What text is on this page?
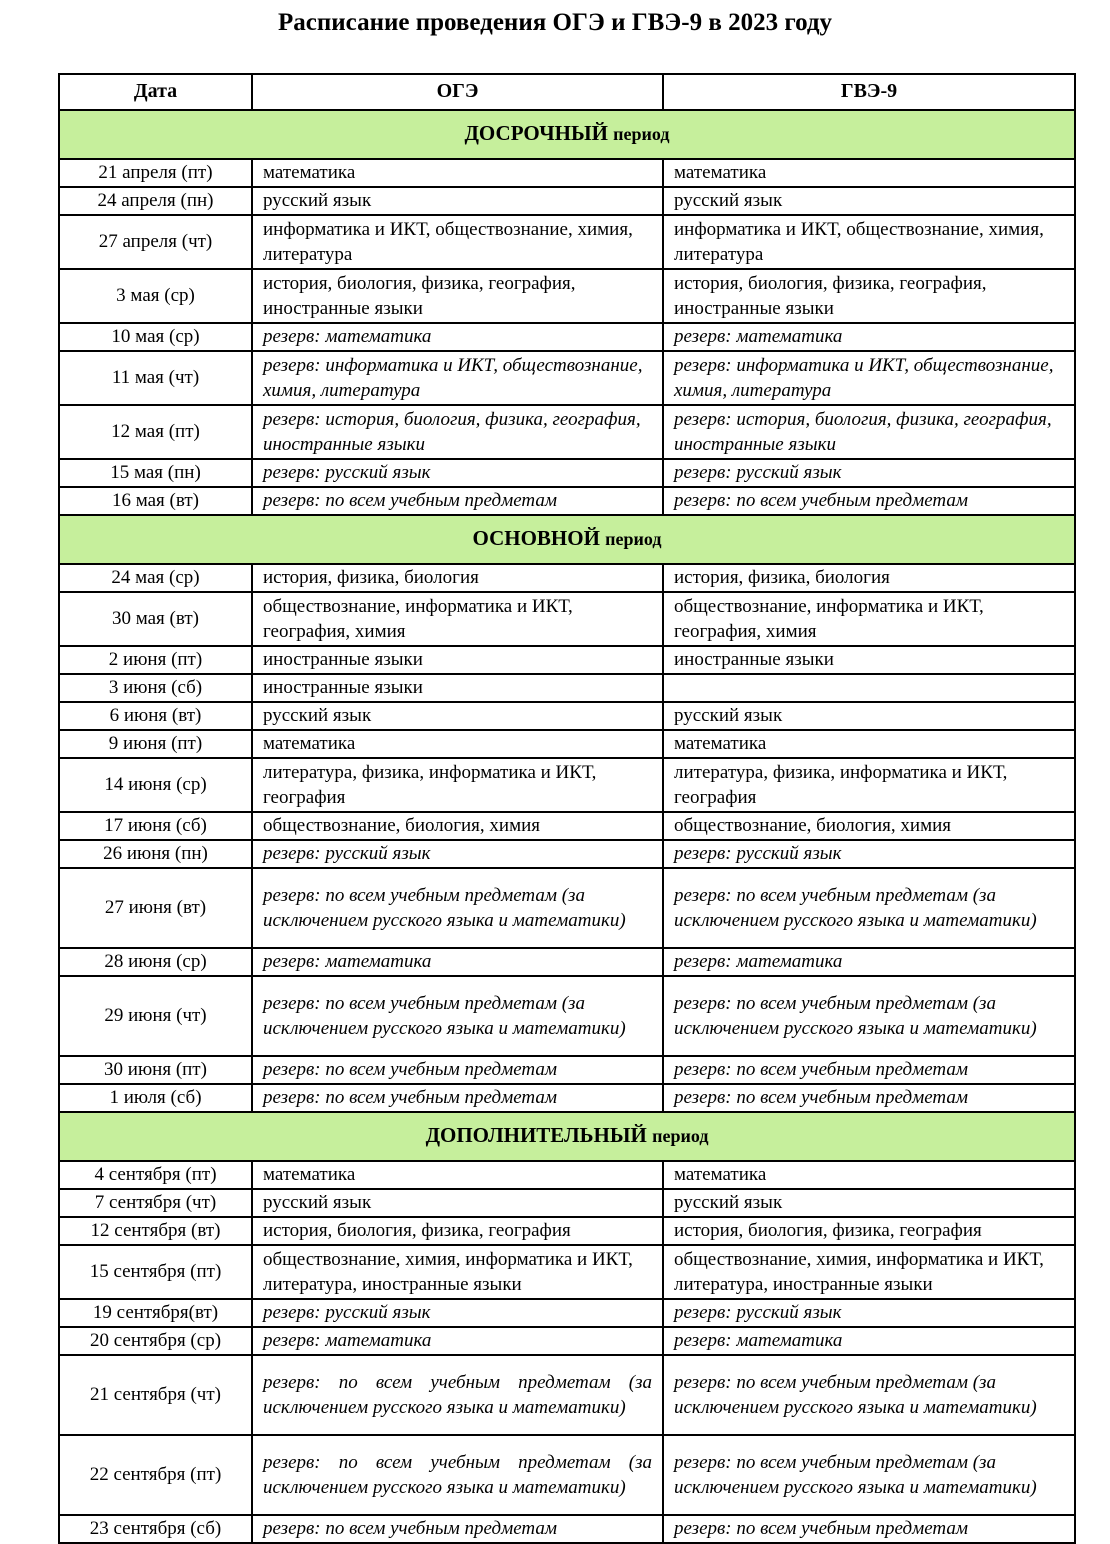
Расписание проведения ОГЭ и ГВЭ-9 в 2023 году
Дата	ОГЭ	ГВЭ-9
ДОСРОЧНЫЙ период		
21 апреля (пт)	математика	математика
24 апреля (пн)	русский язык	русский язык
27 апреля (чт)	информатика и ИКТ, обществознание, химия, литература	информатика и ИКТ, обществознание, химия, литература
3 мая (ср)	история, биология, физика, география, иностранные языки	история, биология, физика, география, иностранные языки
10 мая (ср)	резерв: математика	резерв: математика
11 мая (чт)	резерв: информатика и ИКТ, обществознание, химия, литература	резерв: информатика и ИКТ, обществознание, химия, литература
12 мая (пт)	резерв: история, биология, физика, география, иностранные языки	резерв: история, биология, физика, география, иностранные языки
15 мая (пн)	резерв: русский язык	резерв: русский язык
16 мая (вт)	резерв: по всем учебным предметам	резерв: по всем учебным предметам
ОСНОВНОЙ период		
24 мая (ср)	история, физика, биология	история, физика, биология
30 мая (вт)	обществознание, информатика и ИКТ, география, химия	обществознание, информатика и ИКТ, география, химия
2 июня (пт)	иностранные языки	иностранные языки
3 июня (сб)	иностранные языки	
6 июня (вт)	русский язык	русский язык
9 июня (пт)	математика	математика
14 июня (ср)	литература, физика, информатика и ИКТ, география	литература, физика, информатика и ИКТ, география
17 июня (сб)	обществознание, биология, химия	обществознание, биология, химия
26 июня (пн)	резерв: русский язык	резерв: русский язык
27 июня (вт)	резерв: по всем учебным предметам (за исключением русского языка и математики)	резерв: по всем учебным предметам (за исключением русского языка и математики)
28 июня (ср)	резерв: математика	резерв: математика
29 июня (чт)	резерв: по всем учебным предметам (за исключением русского языка и математики)	резерв: по всем учебным предметам (за исключением русского языка и математики)
30 июня (пт)	резерв: по всем учебным предметам	резерв: по всем учебным предметам
1 июля (сб)	резерв: по всем учебным предметам	резерв: по всем учебным предметам
ДОПОЛНИТЕЛЬНЫЙ период		
4 сентября (пт)	математика	математика
7 сентября (чт)	русский язык	русский язык
12 сентября (вт)	история, биология, физика, география	история, биология, физика, география
15 сентября (пт)	обществознание, химия, информатика и ИКТ, литература, иностранные языки	обществознание, химия, информатика и ИКТ, литература, иностранные языки
19 сентября(вт)	резерв: русский язык	резерв: русский язык
20 сентября (ср)	резерв: математика	резерв: математика
21 сентября (чт)	резерв: по всем учебным предметам (за исключением русского языка и математики)	резерв: по всем учебным предметам (за исключением русского языка и математики)
22 сентября (пт)	резерв: по всем учебным предметам (за исключением русского языка и математики)	резерв: по всем учебным предметам (за исключением русского языка и математики)
23 сентября (сб)	резерв: по всем учебным предметам	резерв: по всем учебным предметам
